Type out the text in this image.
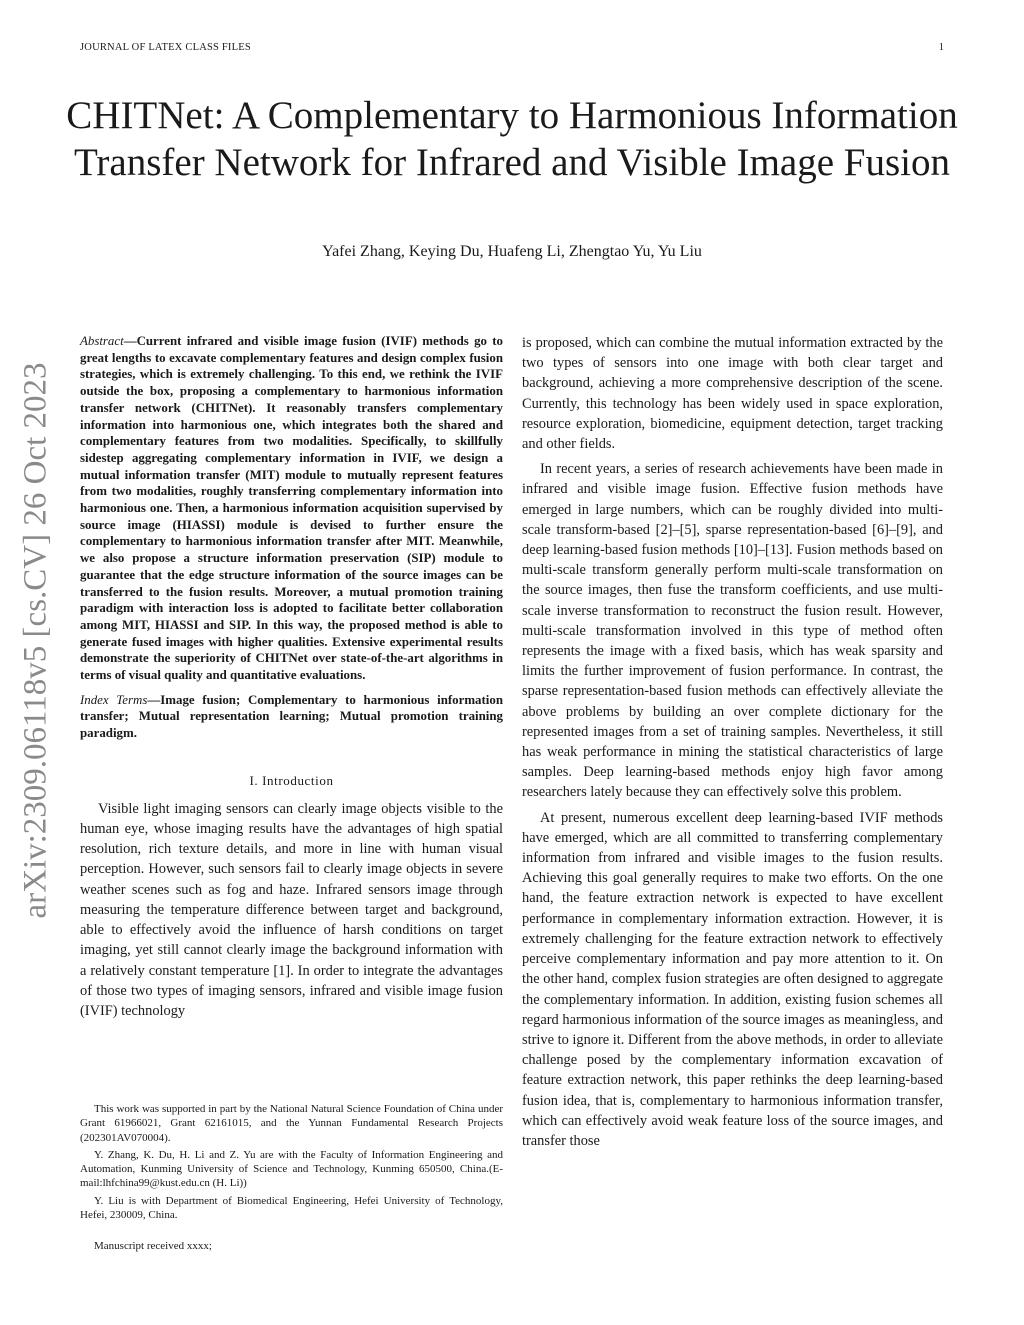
JOURNAL OF LATEX CLASS FILES	1
arXiv:2309.06118v5 [cs.CV] 26 Oct 2023
CHITNet: A Complementary to Harmonious Information Transfer Network for Infrared and Visible Image Fusion
Yafei Zhang, Keying Du, Huafeng Li, Zhengtao Yu, Yu Liu

Abstract—Current infrared and visible image fusion (IVIF) methods go to great lengths to excavate complementary features and design complex fusion strategies, which is extremely challenging. To this end, we rethink the IVIF outside the box, proposing a complementary to harmonious information transfer network (CHITNet). It reasonably transfers complementary information into harmonious one, which integrates both the shared and complementary features from two modalities. Specifically, to skillfully sidestep aggregating complementary information in IVIF, we design a mutual information transfer (MIT) module to mutually represent features from two modalities, roughly transferring complementary information into harmonious one. Then, a harmonious information acquisition supervised by source image (HIASSI) module is devised to further ensure the complementary to harmonious information transfer after MIT. Meanwhile, we also propose a structure information preservation (SIP) module to guarantee that the edge structure information of the source images can be transferred to the fusion results. Moreover, a mutual promotion training paradigm with interaction loss is adopted to facilitate better collaboration among MIT, HIASSI and SIP. In this way, the proposed method is able to generate fused images with higher qualities. Extensive experimental results demonstrate the superiority of CHITNet over state-of-the-art algorithms in terms of visual quality and quantitative evaluations.

Index Terms—Image fusion; Complementary to harmonious information transfer; Mutual representation learning; Mutual promotion training paradigm.

I. Introduction

Visible light imaging sensors can clearly image objects visible to the human eye, whose imaging results have the advantages of high spatial resolution, rich texture details, and more in line with human visual perception. However, such sensors fail to clearly image objects in severe weather scenes such as fog and haze. Infrared sensors image through measuring the temperature difference between target and background, able to effectively avoid the influence of harsh conditions on target imaging, yet still cannot clearly image the background information with a relatively constant temperature [1]. In order to integrate the advantages of those two types of imaging sensors, infrared and visible image fusion (IVIF) technology

is proposed, which can combine the mutual information extracted by the two types of sensors into one image with both clear target and background, achieving a more comprehensive description of the scene. Currently, this technology has been widely used in space exploration, resource exploration, biomedicine, equipment detection, target tracking and other fields.

In recent years, a series of research achievements have been made in infrared and visible image fusion. Effective fusion methods have emerged in large numbers, which can be roughly divided into multi-scale transform-based [2]–[5], sparse representation-based [6]–[9], and deep learning-based fusion methods [10]–[13]. Fusion methods based on multi-scale transform generally perform multi-scale transformation on the source images, then fuse the transform coefficients, and use multi-scale inverse transformation to reconstruct the fusion result. However, multi-scale transformation involved in this type of method often represents the image with a fixed basis, which has weak sparsity and limits the further improvement of fusion performance. In contrast, the sparse representation-based fusion methods can effectively alleviate the above problems by building an over complete dictionary for the represented images from a set of training samples. Nevertheless, it still has weak performance in mining the statistical characteristics of large samples. Deep learning-based methods enjoy high favor among researchers lately because they can effectively solve this problem.

At present, numerous excellent deep learning-based IVIF methods have emerged, which are all committed to transferring complementary information from infrared and visible images to the fusion results. Achieving this goal generally requires to make two efforts. On the one hand, the feature extraction network is expected to have excellent performance in complementary information extraction. However, it is extremely challenging for the feature extraction network to effectively perceive complementary information and pay more attention to it. On the other hand, complex fusion strategies are often designed to aggregate the complementary information. In addition, existing fusion schemes all regard harmonious information of the source images as meaningless, and strive to ignore it. Different from the above methods, in order to alleviate challenge posed by the complementary information excavation of feature extraction network, this paper rethinks the deep learning-based fusion idea, that is, complementary to harmonious information transfer, which can effectively avoid weak feature loss of the source images, and transfer those

This work was supported in part by the National Natural Science Foundation of China under Grant 61966021, Grant 62161015, and the Yunnan Fundamental Research Projects (202301AV070004).

Y. Zhang, K. Du, H. Li and Z. Yu are with the Faculty of Information Engineering and Automation, Kunming University of Science and Technology, Kunming 650500, China.(E-mail:lhfchina99@kust.edu.cn (H. Li))

Y. Liu is with Department of Biomedical Engineering, Hefei University of Technology, Hefei, 230009, China.

Manuscript received xxxx;
